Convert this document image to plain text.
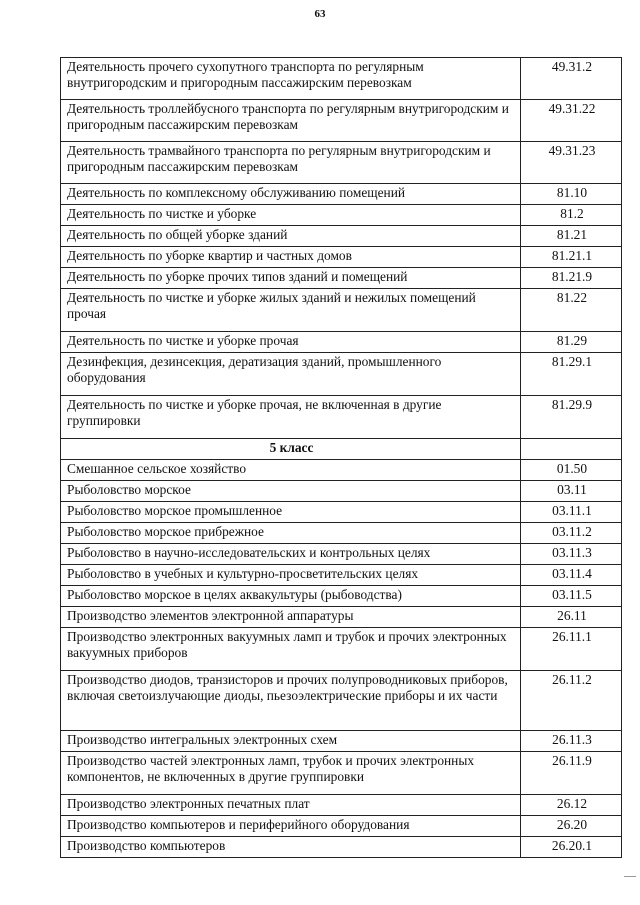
63
Деятельность прочего сухопутного транспорта по регулярным внутригородским и пригородным пассажирским перевозкам	49.31.2
Деятельность троллейбусного транспорта по регулярным внутригородским и пригородным пассажирским перевозкам	49.31.22
Деятельность трамвайного транспорта по регулярным внутригородским и пригородным пассажирским перевозкам	49.31.23
Деятельность по комплексному обслуживанию помещений	81.10
Деятельность по чистке и уборке	81.2
Деятельность по общей уборке зданий	81.21
Деятельность по уборке квартир и частных домов	81.21.1
Деятельность по уборке прочих типов зданий и помещений	81.21.9
Деятельность по чистке и уборке жилых зданий и нежилых помещений прочая	81.22
Деятельность по чистке и уборке прочая	81.29
Дезинфекция, дезинсекция, дератизация зданий, промышленного оборудования	81.29.1
Деятельность по чистке и уборке прочая, не включенная в другие группировки	81.29.9
5 класс	
Смешанное сельское хозяйство	01.50
Рыболовство морское	03.11
Рыболовство морское промышленное	03.11.1
Рыболовство морское прибрежное	03.11.2
Рыболовство в научно-исследовательских и контрольных целях	03.11.3
Рыболовство в учебных и культурно-просветительских целях	03.11.4
Рыболовство морское в целях аквакультуры (рыбоводства)	03.11.5
Производство элементов электронной аппаратуры	26.11
Производство электронных вакуумных ламп и трубок и прочих электронных вакуумных приборов	26.11.1
Производство диодов, транзисторов и прочих полупроводниковых приборов, включая светоизлучающие диоды, пьезоэлектрические приборы и их части	26.11.2
Производство интегральных электронных схем	26.11.3
Производство частей электронных ламп, трубок и прочих электронных компонентов, не включенных в другие группировки	26.11.9
Производство электронных печатных плат	26.12
Производство компьютеров и периферийного оборудования	26.20
Производство компьютеров	26.20.1
